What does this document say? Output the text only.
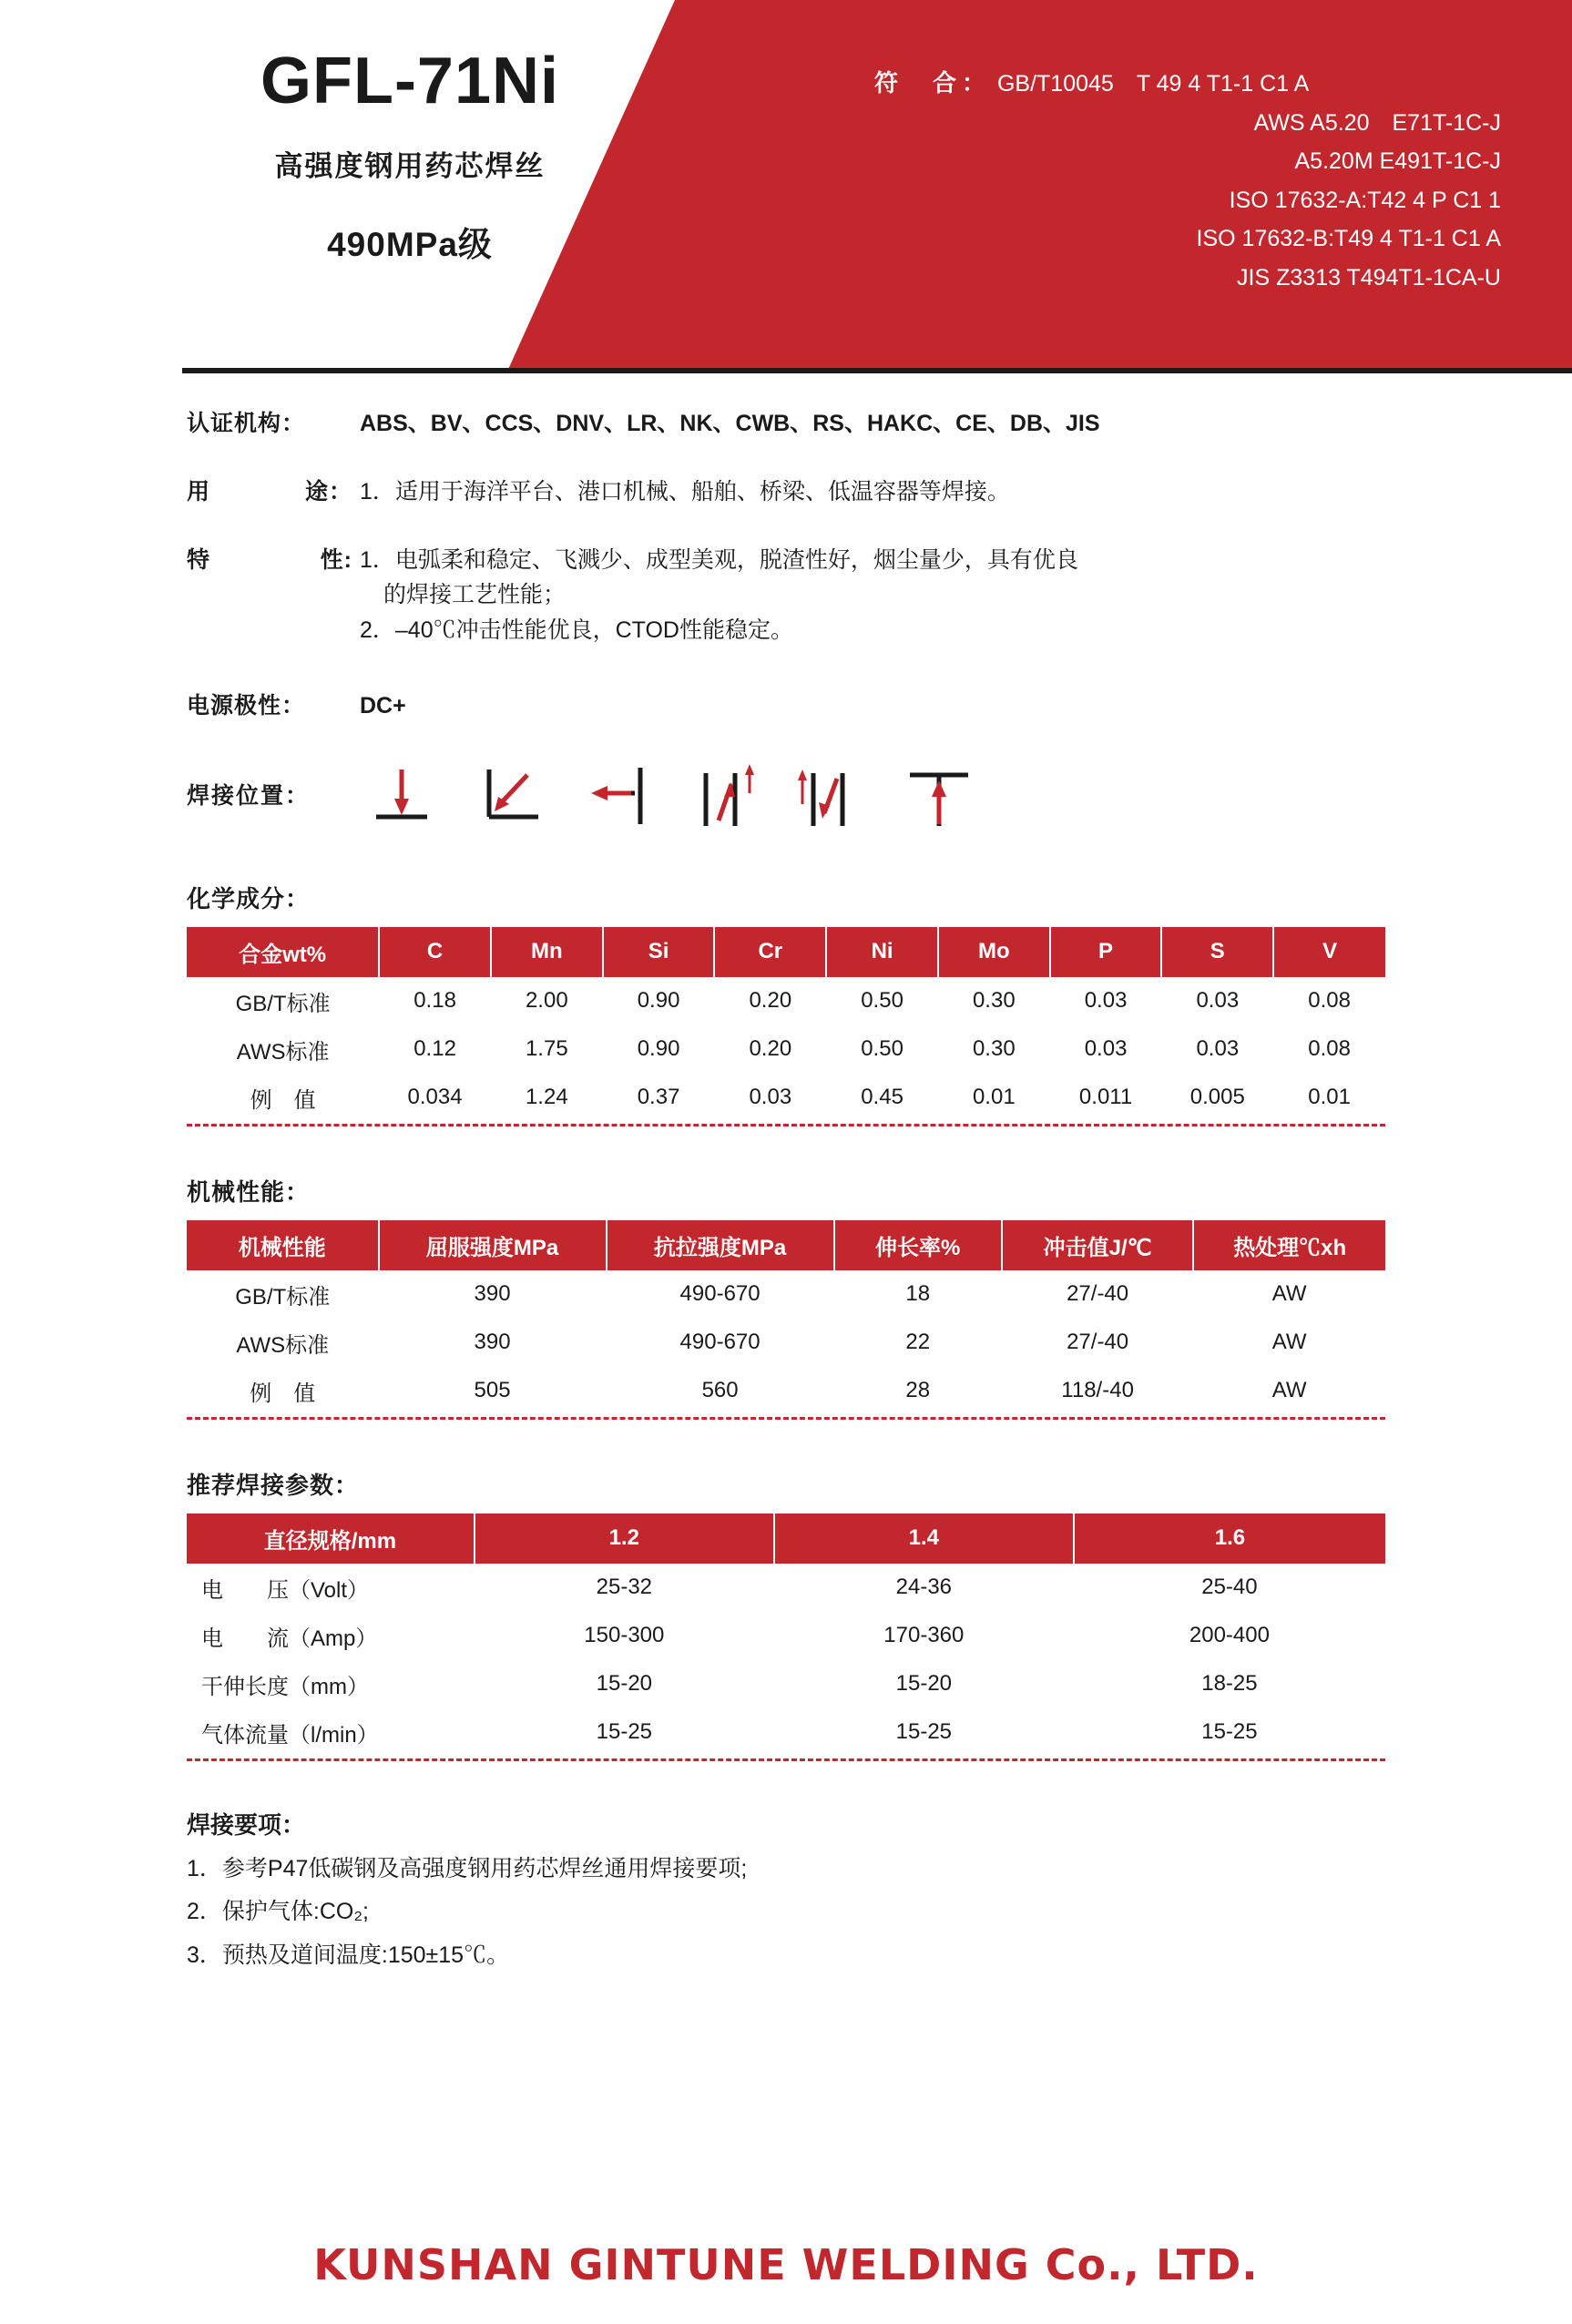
GFL-71Ni
高强度钢用药芯焊丝
490MPa级
符　合： GB/T10045　T 49 4 T1-1 C1 A
AWS A5.20　E71T-1C-J
A5.20M E491T-1C-J
ISO 17632-A:T42 4 P C1 1
ISO 17632-B:T49 4 T1-1 C1 A
JIS Z3313 T494T1-1CA-U
认证机构：	ABS、BV、CCS、DNV、LR、NK、CWB、RS、HAKC、CE、DB、JIS
用	途： 1．适用于海洋平台、港口机械、船舶、桥梁、低温容器等焊接。
特	性: 1．电弧柔和稳定、飞溅少、成型美观，脱渣性好，烟尘量少，具有优良
的焊接工艺性能；
2．–40℃冲击性能优良，CTOD性能稳定。
电源极性：	DC+
焊接位置：
化学成分：
合金wt%	C	Mn	Si	Cr	Ni	Mo	P	S	V
GB/T标准	0.18	2.00	0.90	0.20	0.50	0.30	0.03	0.03	0.08
AWS标准	0.12	1.75	0.90	0.20	0.50	0.30	0.03	0.03	0.08
例　值	0.034	1.24	0.37	0.03	0.45	0.01	0.011	0.005	0.01
机械性能：
机械性能	屈服强度MPa	抗拉强度MPa	伸长率%	冲击值J/℃	热处理℃xh
GB/T标准	390	490-670	18	27/-40	AW
AWS标准	390	490-670	22	27/-40	AW
例　值	505	560	28	118/-40	AW
推荐焊接参数：
直径规格/mm	1.2	1.4	1.6
电　　压（Volt）	25-32	24-36	25-40
电　　流（Amp）	150-300	170-360	200-400
干伸长度（mm）	15-20	15-20	18-25
气体流量（l/min）	15-25	15-25	15-25
焊接要项：
1．参考P47低碳钢及高强度钢用药芯焊丝通用焊接要项;
2．保护气体:CO₂;
3．预热及道间温度:150±15℃。
KUNSHAN GINTUNE WELDING Co., LTD.
